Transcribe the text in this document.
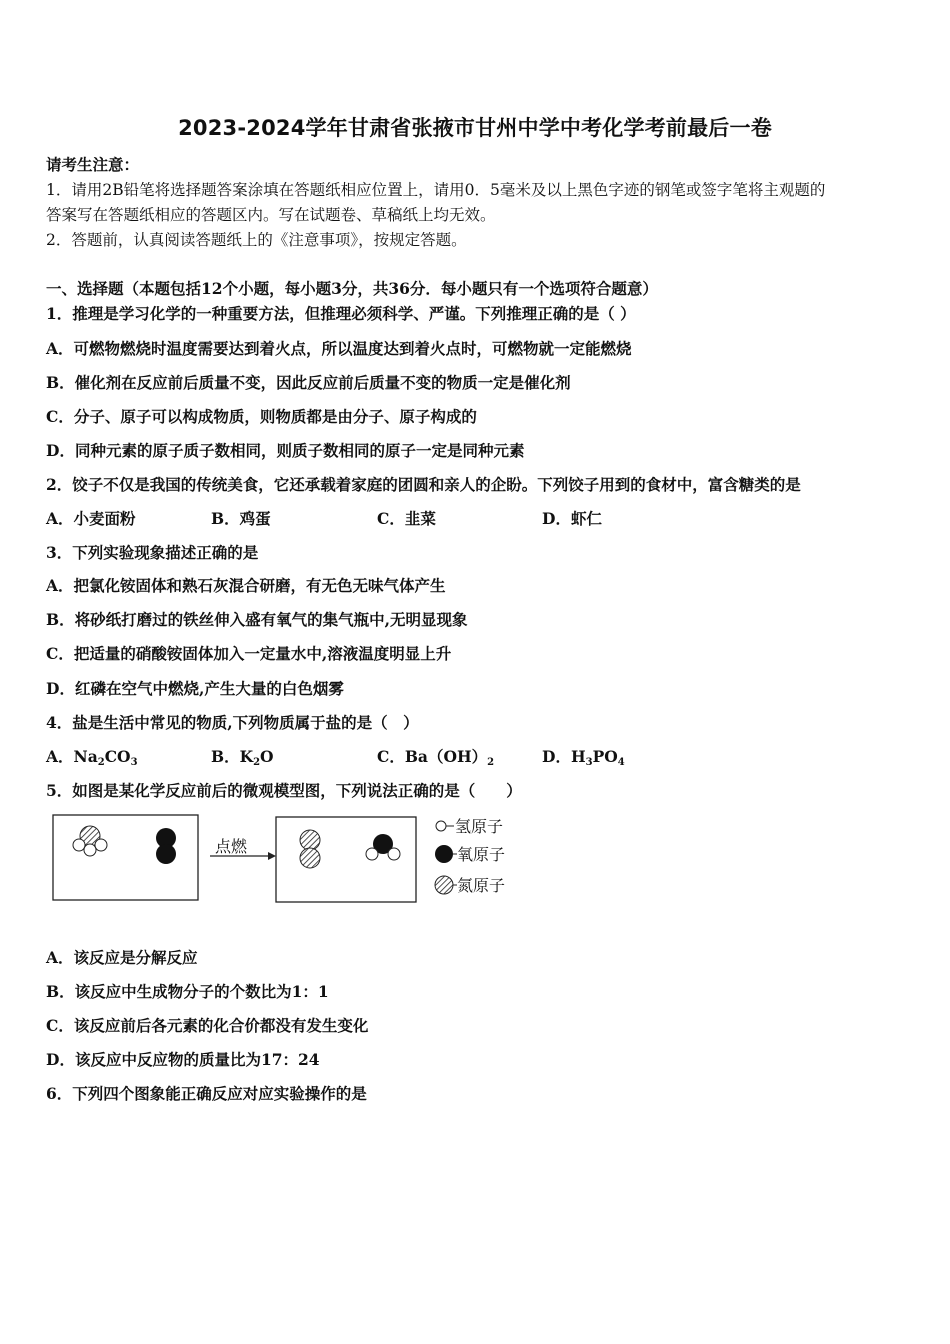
2023-2024学年甘肃省张掖市甘州中学中考化学考前最后一卷
请考生注意：
1．请用2B铅笔将选择题答案涂填在答题纸相应位置上，请用0．5毫米及以上黑色字迹的钢笔或签字笔将主观题的
答案写在答题纸相应的答题区内。写在试题卷、草稿纸上均无效。
2．答题前，认真阅读答题纸上的《注意事项》，按规定答题。
一、选择题（本题包括12个小题，每小题3分，共36分．每小题只有一个选项符合题意）
1．推理是学习化学的一种重要方法，但推理必须科学、严谨。下列推理正确的是（ ）
A．可燃物燃烧时温度需要达到着火点，所以温度达到着火点时，可燃物就一定能燃烧
B．催化剂在反应前后质量不变，因此反应前后质量不变的物质一定是催化剂
C．分子、原子可以构成物质，则物质都是由分子、原子构成的
D．同种元素的原子质子数相同，则质子数相同的原子一定是同种元素
2．饺子不仅是我国的传统美食，它还承载着家庭的团圆和亲人的企盼。下列饺子用到的食材中，富含糖类的是
A．小麦面粉	B．鸡蛋	C．韭菜	D．虾仁
3．下列实验现象描述正确的是
A．把氯化铵固体和熟石灰混合研磨，有无色无味气体产生
B．将砂纸打磨过的铁丝伸入盛有氧气的集气瓶中,无明显现象
C．把适量的硝酸铵固体加入一定量水中,溶液温度明显上升
D．红磷在空气中燃烧,产生大量的白色烟雾
4．盐是生活中常见的物质,下列物质属于盐的是（　）
A．$Na_2CO_3$	B．$K_2O$	C．$Ba(OH)_2$	D．$H_3PO_4$
5．如图是某化学反应前后的微观模型图，下列说法正确的是（　　）
点燃
氢原子
氧原子
氮原子
A．该反应是分解反应
B．该反应中生成物分子的个数比为1：1
C．该反应前后各元素的化合价都没有发生变化
D．该反应中反应物的质量比为17：24
6．下列四个图象能正确反应对应实验操作的是
